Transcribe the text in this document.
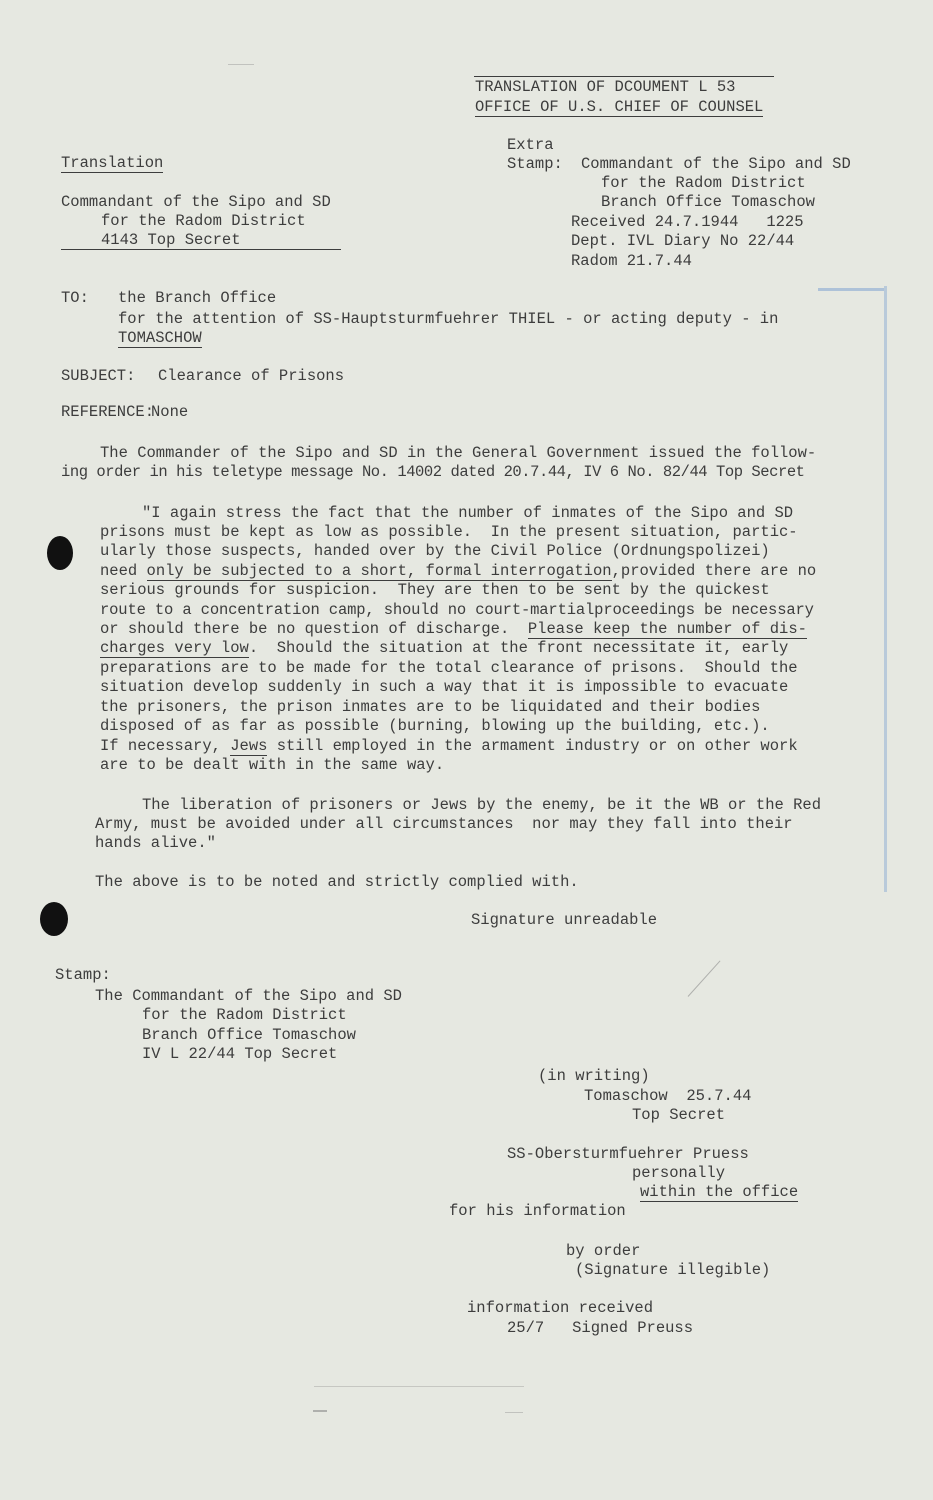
TRANSLATION OF DCOUMENT L 53
OFFICE OF U.S. CHIEF OF COUNSEL
Translation
Commandant of the Sipo and SD
for the Radom District
4143 Top Secret
Extra
Stamp: Commandant of the Sipo and SD
for the Radom District
Branch Office Tomaschow
Received 24.7.1944   1225
Dept. IVL Diary No 22/44
Radom 21.7.44
TO: the Branch Office
for the attention of SS-Hauptsturmfuehrer THIEL - or acting deputy - in
TOMASCHOW
SUBJECT: Clearance of Prisons
REFERENCE:
None
The Commander of the Sipo and SD in the General Government issued the follow-
ing order in his teletype message No. 14002 dated 20.7.44, IV 6 No. 82/44 Top Secret
"I again stress the fact that the number of inmates of the Sipo and SD
prisons must be kept as low as possible.  In the present situation, partic-
ularly those suspects, handed over by the Civil Police (Ordnungspolizei)
need only be subjected to a short, formal interrogation,provided there are no
serious grounds for suspicion.  They are then to be sent by the quickest
route to a concentration camp, should no court-martialproceedings be necessary
or should there be no question of discharge.  Please keep the number of dis-
charges very low.  Should the situation at the front necessitate it, early
preparations are to be made for the total clearance of prisons.  Should the
situation develop suddenly in such a way that it is impossible to evacuate
the prisoners, the prison inmates are to be liquidated and their bodies
disposed of as far as possible (burning, blowing up the building, etc.).
If necessary, Jews still employed in the armament industry or on other work
are to be dealt with in the same way.
The liberation of prisoners or Jews by the enemy, be it the WB or the Red
Army, must be avoided under all circumstances  nor may they fall into their
hands alive."
The above is to be noted and strictly complied with.
Signature unreadable
Stamp:
The Commandant of the Sipo and SD
for the Radom District
Branch Office Tomaschow
IV L 22/44 Top Secret
(in writing)
Tomaschow  25.7.44
Top Secret
SS-Obersturmfuehrer Pruess
personally
within the office
for his information
by order
(Signature illegible)
information received
25/7   Signed Preuss
